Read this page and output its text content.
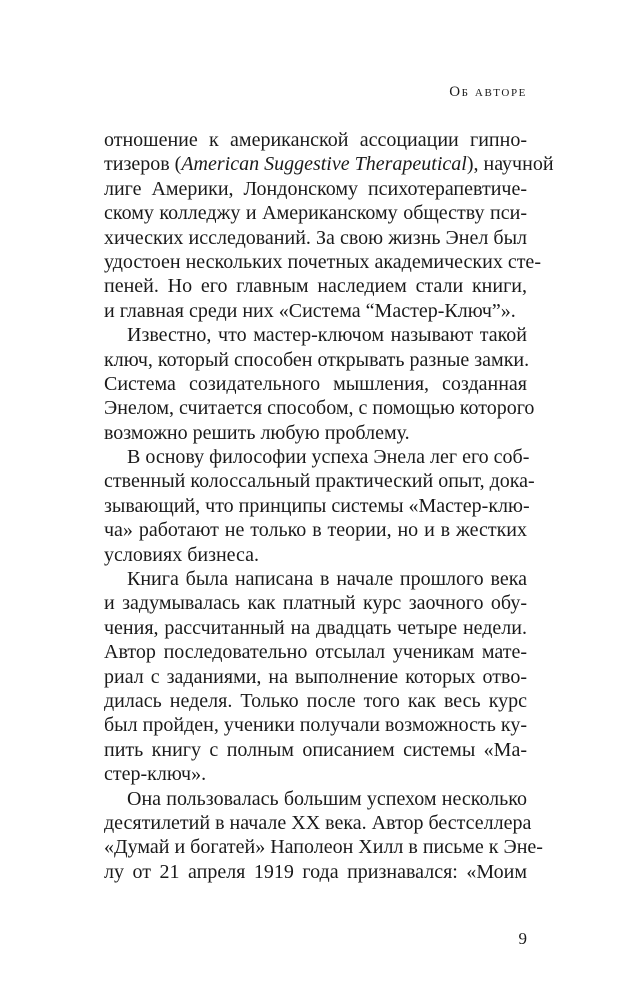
Об авторе
отношение к американской ассоциации гипно-
тизеров (American Suggestive Therapeutical), научной
лиге Америки, Лондонскому психотерапевтиче-
скому колледжу и Американскому обществу пси-
хических исследований. За свою жизнь Энел был
удостоен нескольких почетных академических сте-
пеней. Но его главным наследием стали книги,
и главная среди них «Система “Мастер-Ключ”».
Известно, что мастер-ключом называют такой
ключ, который способен открывать разные замки.
Система созидательного мышления, созданная
Энелом, считается способом, с помощью которого
возможно решить любую проблему.
В основу философии успеха Энела лег его соб-
ственный колоссальный практический опыт, дока-
зывающий, что принципы системы «Мастер-клю-
ча» работают не только в теории, но и в жестких
условиях бизнеса.
Книга была написана в начале прошлого века
и задумывалась как платный курс заочного обу-
чения, рассчитанный на двадцать четыре недели.
Автор последовательно отсылал ученикам мате-
риал с заданиями, на выполнение которых отво-
дилась неделя. Только после того как весь курс
был пройден, ученики получали возможность ку-
пить книгу с полным описанием системы «Ма-
стер-ключ».
Она пользовалась большим успехом несколько
десятилетий в начале XX века. Автор бестселлера
«Думай и богатей» Наполеон Хилл в письме к Эне-
лу от 21 апреля 1919 года признавался: «Моим
9
